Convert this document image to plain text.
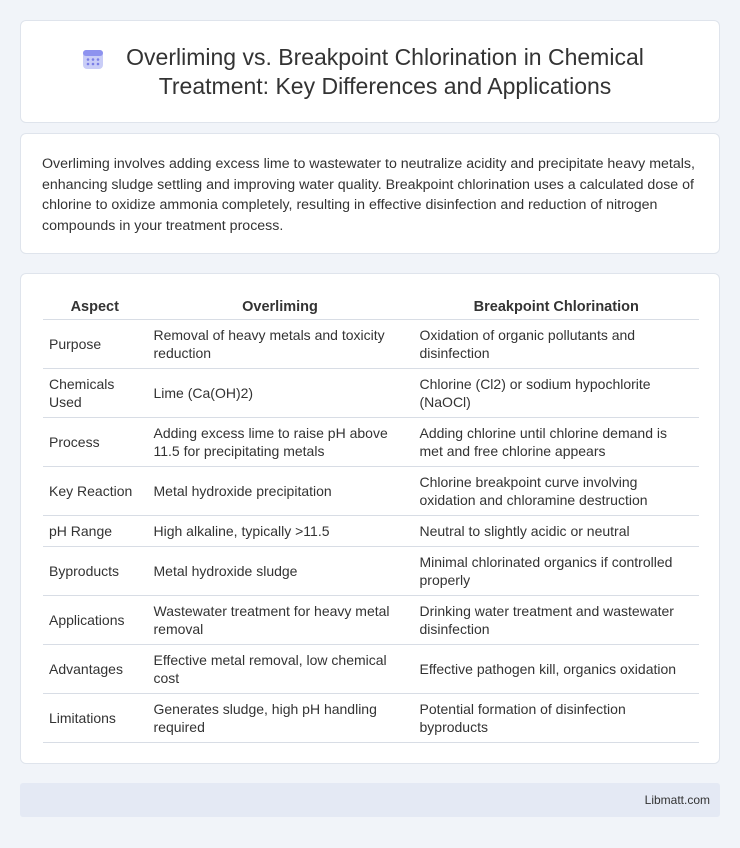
Overliming vs. Breakpoint Chlorination in Chemical Treatment: Key Differences and Applications

Overliming involves adding excess lime to wastewater to neutralize acidity and precipitate heavy metals, enhancing sludge settling and improving water quality. Breakpoint chlorination uses a calculated dose of chlorine to oxidize ammonia completely, resulting in effective disinfection and reduction of nitrogen compounds in your treatment process.

Aspect	Overliming	Breakpoint Chlorination
Purpose	Removal of heavy metals and toxicity reduction	Oxidation of organic pollutants and disinfection
Chemicals Used	Lime (Ca(OH)2)	Chlorine (Cl2) or sodium hypochlorite (NaOCl)
Process	Adding excess lime to raise pH above 11.5 for precipitating metals	Adding chlorine until chlorine demand is met and free chlorine appears
Key Reaction	Metal hydroxide precipitation	Chlorine breakpoint curve involving oxidation and chloramine destruction
pH Range	High alkaline, typically >11.5	Neutral to slightly acidic or neutral
Byproducts	Metal hydroxide sludge	Minimal chlorinated organics if controlled properly
Applications	Wastewater treatment for heavy metal removal	Drinking water treatment and wastewater disinfection
Advantages	Effective metal removal, low chemical cost	Effective pathogen kill, organics oxidation
Limitations	Generates sludge, high pH handling required	Potential formation of disinfection byproducts
Libmatt.com
